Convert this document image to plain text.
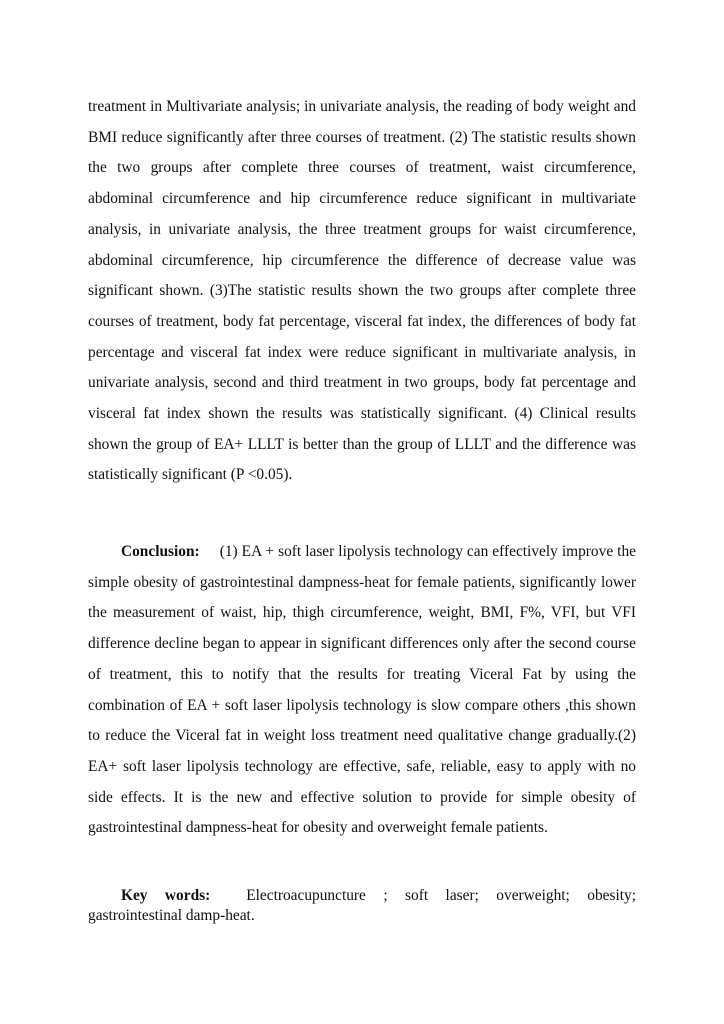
treatment in Multivariate analysis; in univariate analysis, the reading of body weight and BMI reduce significantly after three courses of treatment. (2) The statistic results shown the two groups after complete three courses of treatment, waist circumference, abdominal circumference and hip circumference reduce significant in multivariate analysis, in univariate analysis, the three treatment groups for waist circumference, abdominal circumference, hip circumference the difference of decrease value was significant shown. (3)The statistic results shown the two groups after complete three courses of treatment, body fat percentage, visceral fat index, the differences of body fat percentage and visceral fat index were reduce significant in multivariate analysis, in univariate analysis, second and third treatment in two groups, body fat percentage and visceral fat index shown the results was statistically significant. (4) Clinical results shown the group of EA+ LLLT is better than the group of LLLT and the difference was statistically significant (P <0.05).

Conclusion: (1) EA + soft laser lipolysis technology can effectively improve the simple obesity of gastrointestinal dampness-heat for female patients, significantly lower the measurement of waist, hip, thigh circumference, weight, BMI, F%, VFI, but VFI difference decline began to appear in significant differences only after the second course of treatment, this to notify that the results for treating Viceral Fat by using the combination of EA + soft laser lipolysis technology is slow compare others ,this shown to reduce the Viceral fat in weight loss treatment need qualitative change gradually.(2) EA+ soft laser lipolysis technology are effective, safe, reliable, easy to apply with no side effects. It is the new and effective solution to provide for simple obesity of gastrointestinal dampness-heat for obesity and overweight female patients.

Key words: Electroacupuncture ; soft laser; overweight; obesity; gastrointestinal damp-heat.
